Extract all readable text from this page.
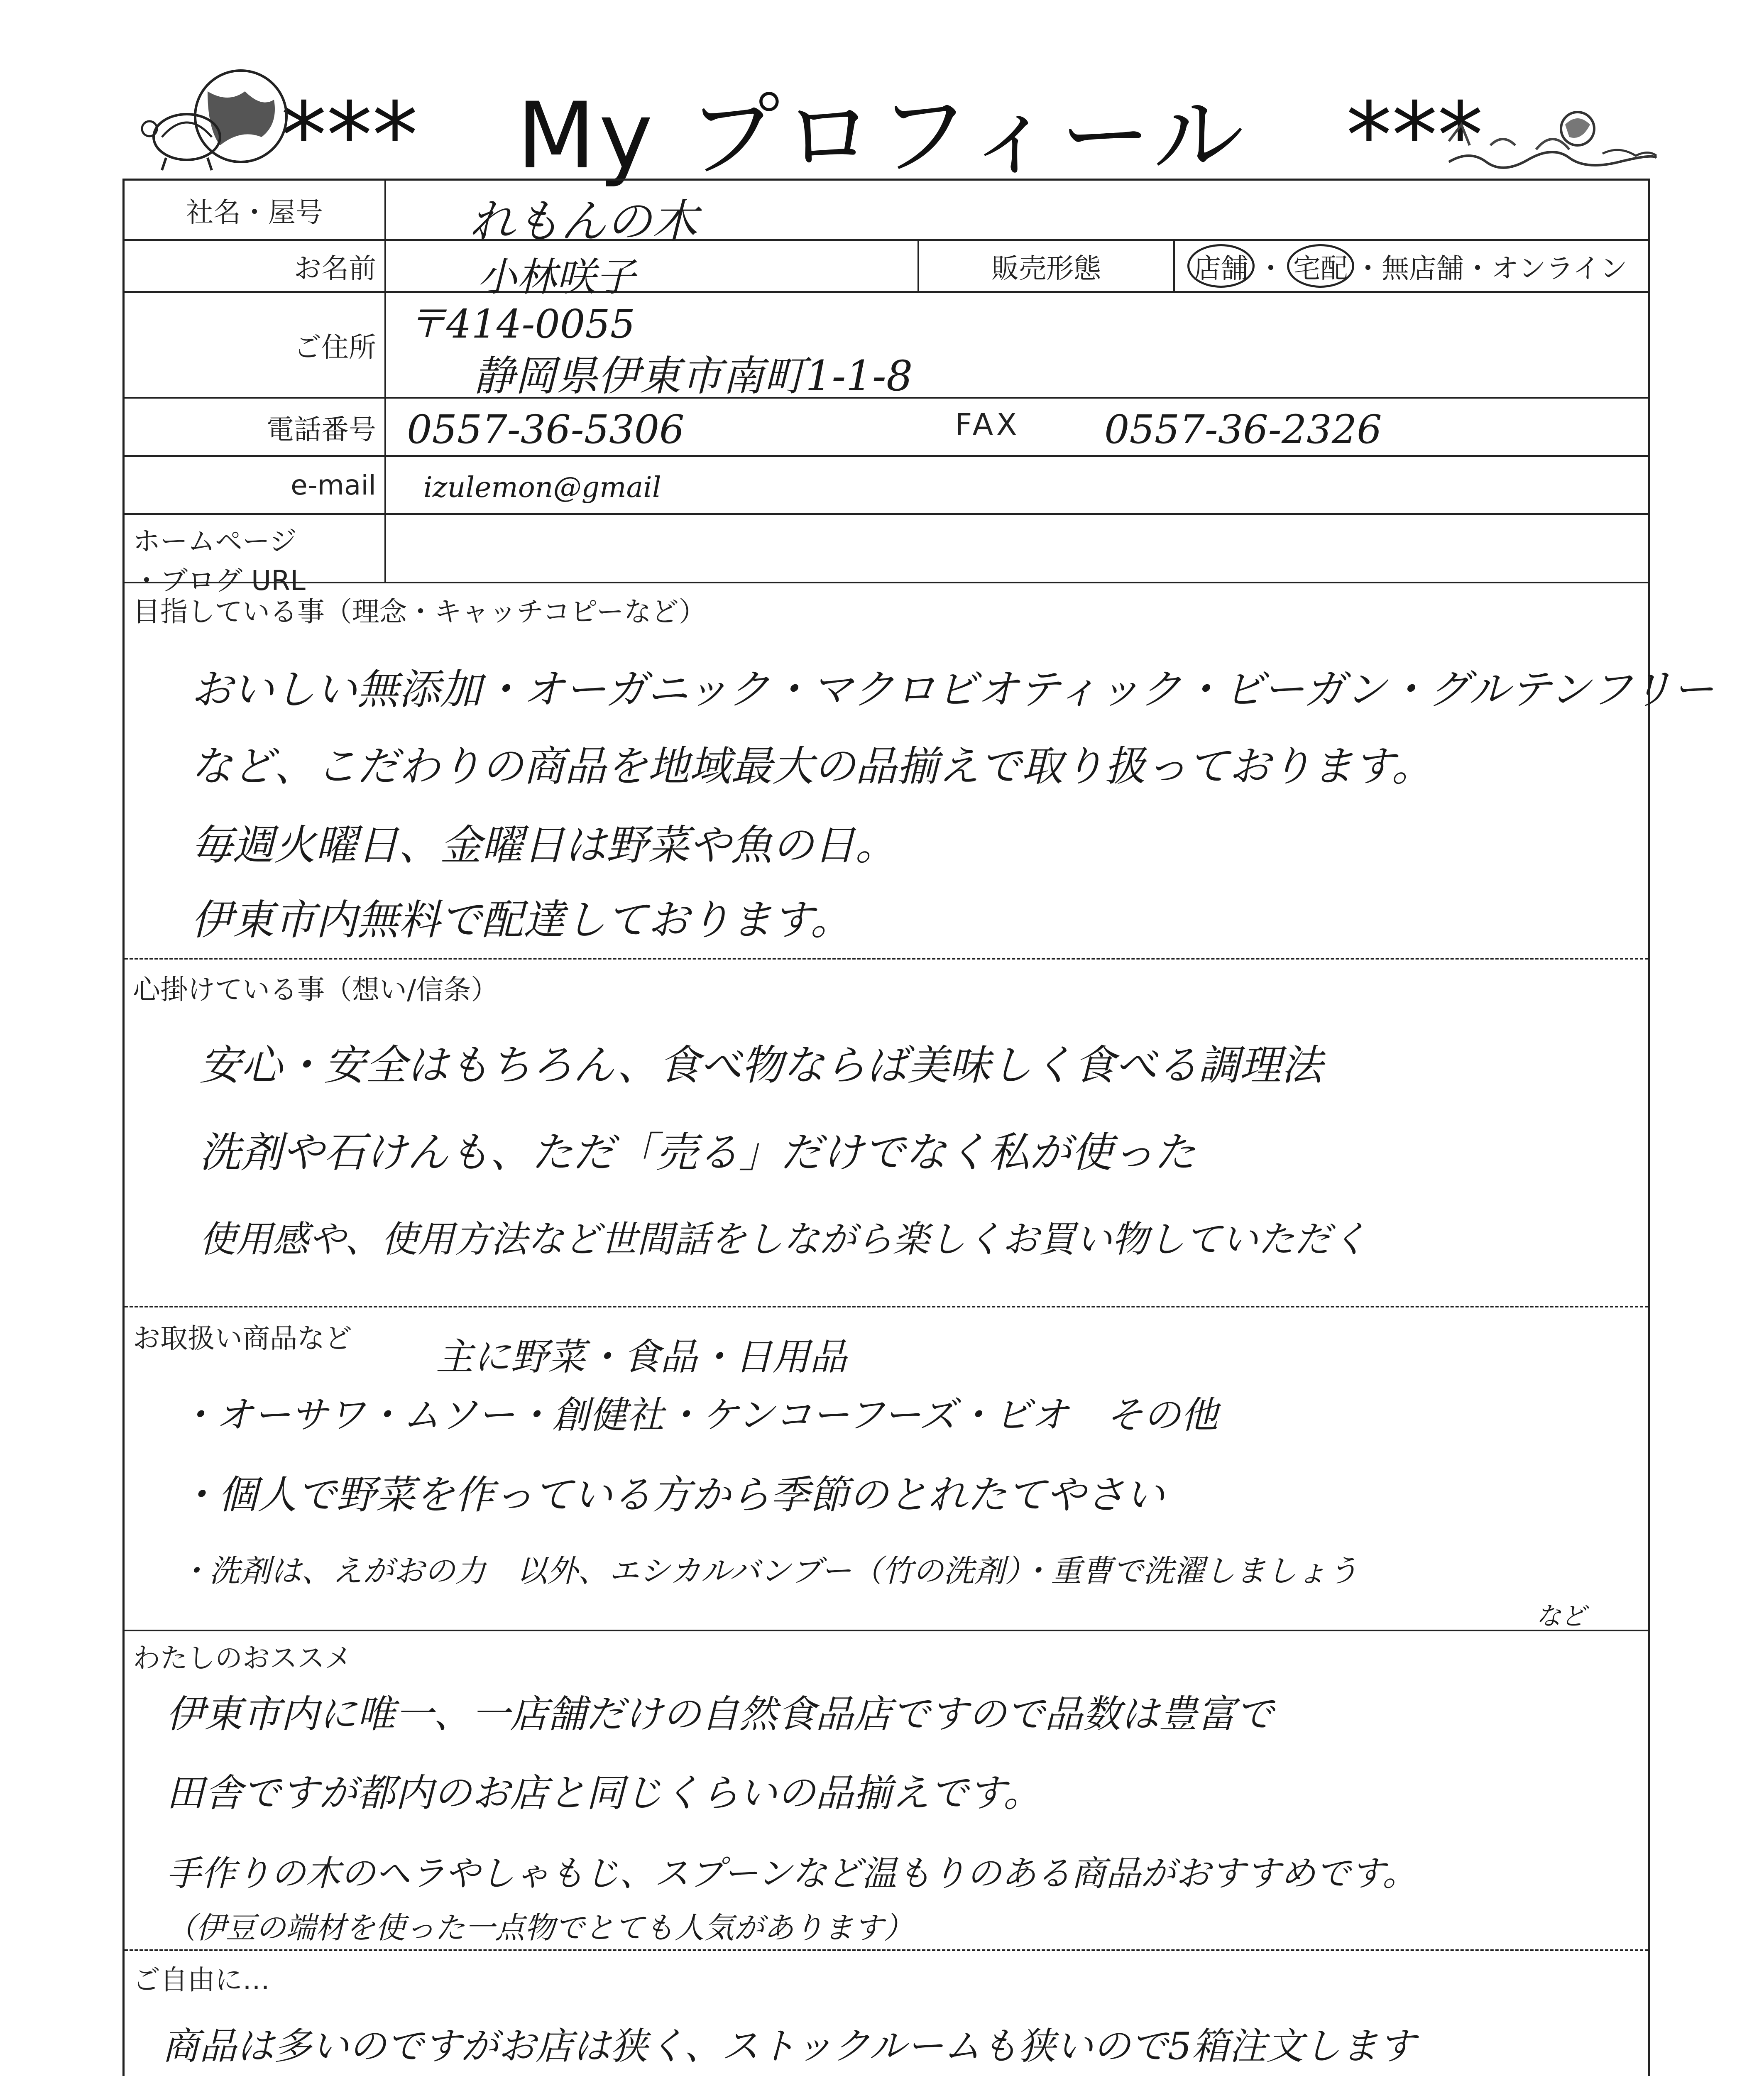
*** My プロフィール ***
社名・屋号	れもんの木
お名前	小林咲子	販売形態	店舗 ・ 宅配 ・無店舗・オンライン
ご住所
〒414-0055
静岡県伊東市南町1-1-8
電話番号 0557-36-5306	FAX 0557-36-2326
e-mail	izulemon@gmail
ホームページ
・ブログ URL
目指している事（理念・キャッチコピーなど）
おいしい無添加・オーガニック・マクロビオティック・ビーガン・グルテンフリー
など、こだわりの商品を地域最大の品揃えで取り扱っております。
毎週火曜日、金曜日は野菜や魚の日。
伊東市内無料で配達しております。
心掛けている事（想い/信条）
安心・安全はもちろん、食べ物ならば美味しく食べる調理法
洗剤や石けんも、ただ「売る」だけでなく私が使った
使用感や、使用方法など世間話をしながら楽しくお買い物していただく
お取扱い商品など 主に野菜・食品・日用品
・オーサワ・ムソー・創健社・ケンコーフーズ・ビオ　その他
・個人で野菜を作っている方から季節のとれたてやさい
・洗剤は、えがおの力　以外、エシカルバンブー（竹の洗剤）・重曹で洗濯しましょう
など
わたしのおススメ
伊東市内に唯一、一店舗だけの自然食品店ですので品数は豊富で
田舎ですが都内のお店と同じくらいの品揃えです。
手作りの木のヘラやしゃもじ、スプーンなど温もりのある商品がおすすめです。
（伊豆の端材を使った一点物でとても人気があります）
ご自由に…
商品は多いのですがお店は狭く、ストックルームも狭いので5箱注文します
